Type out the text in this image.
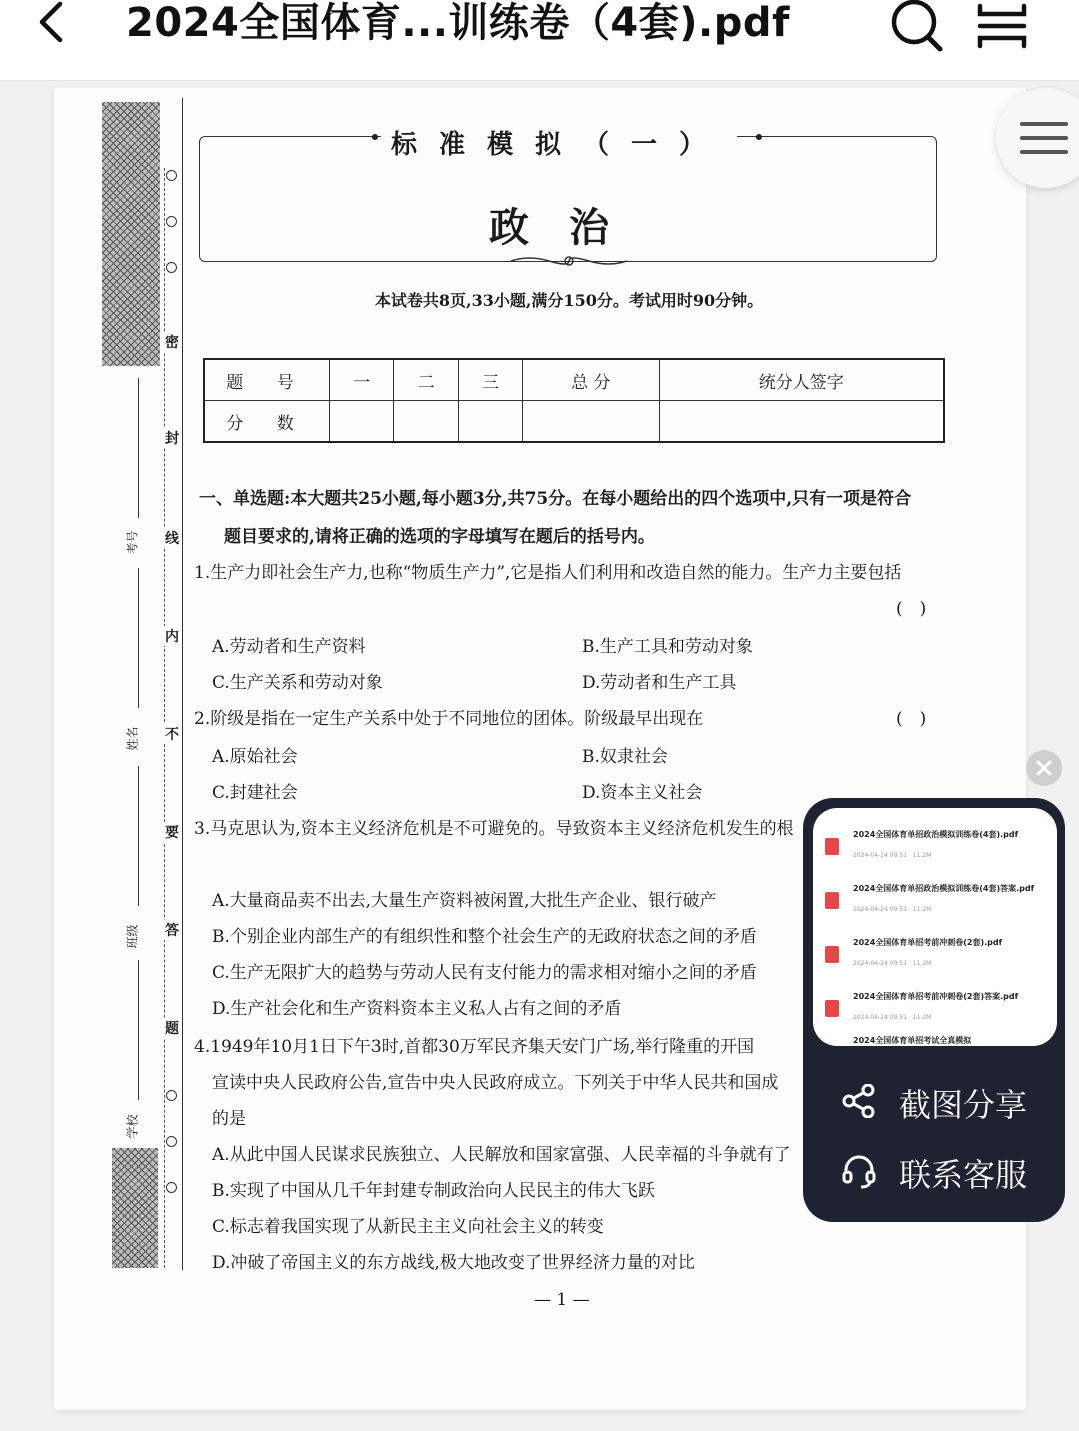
2024全国体育...训练卷（4套).pdf
密
封
线
内
不
要
答
题
考号
姓名
班级
学校
标准模拟（一）
政治
本试卷共8页,33小题,满分150分。考试用时90分钟。
题 号	一	二	三	总 分	统分人签字
分 数					
一、单选题:本大题共25小题,每小题3分,共75分。在每小题给出的四个选项中,只有一项是符合
题目要求的,请将正确的选项的字母填写在题后的括号内。
1.生产力即社会生产力,也称“物质生产力”,它是指人们利用和改造自然的能力。生产力主要包括
(　)
A.劳动者和生产资料	B.生产工具和劳动对象
C.生产关系和劳动对象	D.劳动者和生产工具
2.阶级是指在一定生产关系中处于不同地位的团体。阶级最早出现在	(　)
A.原始社会	B.奴隶社会
C.封建社会	D.资本主义社会
3.马克思认为,资本主义经济危机是不可避免的。导致资本主义经济危机发生的根
A.大量商品卖不出去,大量生产资料被闲置,大批生产企业、银行破产
B.个别企业内部生产的有组织性和整个社会生产的无政府状态之间的矛盾
C.生产无限扩大的趋势与劳动人民有支付能力的需求相对缩小之间的矛盾
D.生产社会化和生产资料资本主义私人占有之间的矛盾
4.1949年10月1日下午3时,首都30万军民齐集天安门广场,举行隆重的开国
宣读中央人民政府公告,宣告中央人民政府成立。下列关于中华人民共和国成
的是
A.从此中国人民谋求民族独立、人民解放和国家富强、人民幸福的斗争就有了
B.实现了中国从几千年封建专制政治向人民民主的伟大飞跃
C.标志着我国实现了从新民主主义向社会主义的转变
D.冲破了帝国主义的东方战线,极大地改变了世界经济力量的对比
— 1 —
2024全国体育单招政治模拟训练卷(4套).pdf
2024-04-24 09:51 · 11.2M
2024全国体育单招政治模拟训练卷(4套)答案.pdf
2024-04-24 09:51 · 11.2M
2024全国体育单招考前冲刺卷(2套).pdf
2024-04-24 09:51 · 11.2M
2024全国体育单招考前冲刺卷(2套)答案.pdf
2024-04-24 09:51 · 11.2M
2024全国体育单招考试全真模拟
截图分享
联系客服
